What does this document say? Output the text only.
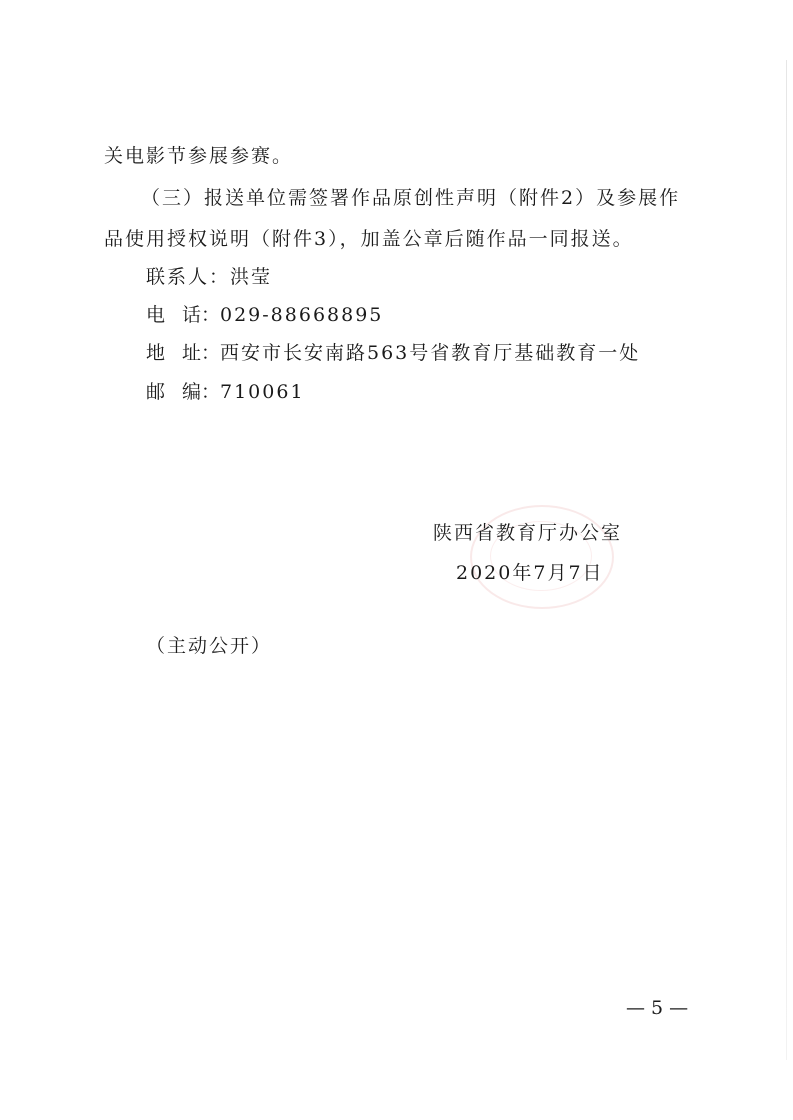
关电影节参展参赛。
（三）报送单位需签署作品原创性声明（附件2）及参展作
品使用授权说明（附件3），加盖公章后随作品一同报送。
联系人：洪莹
电 话：029-88668895
地 址：西安市长安南路563号省教育厅基础教育一处
邮 编：710061
陕西省教育厅办公室
2020年7月7日
（主动公开）
— 5 —
